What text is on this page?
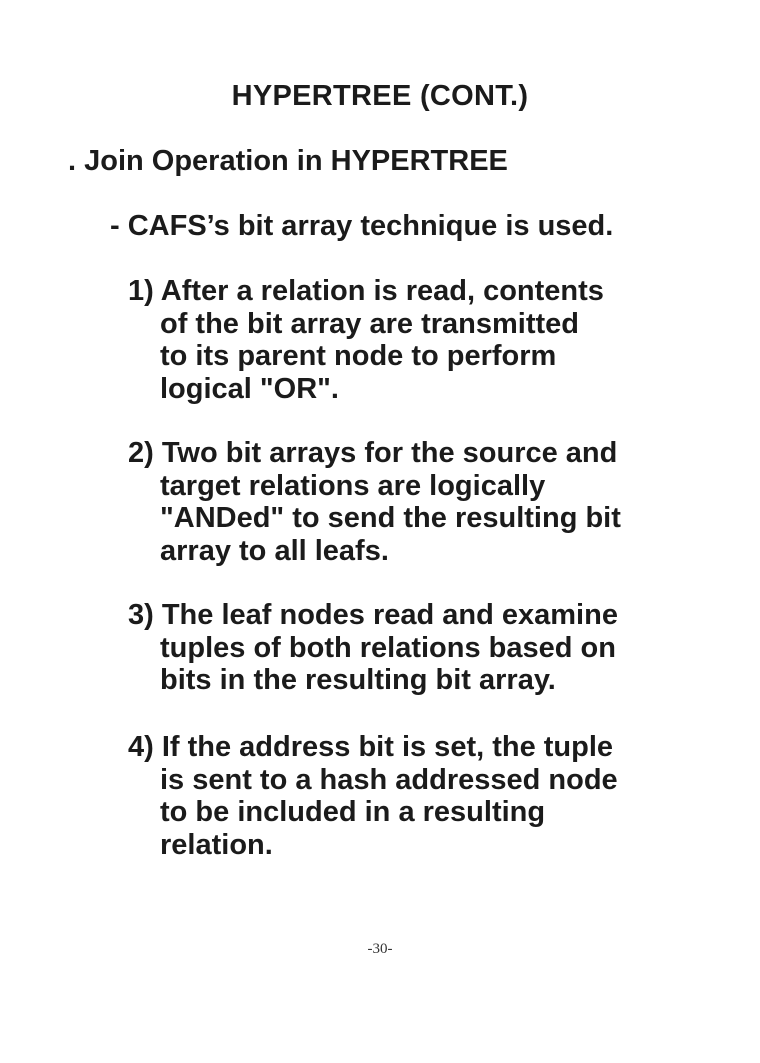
HYPERTREE (CONT.)
. Join Operation in HYPERTREE
- CAFS’s bit array technique is used.
1) After a relation is read, contents
of the bit array are transmitted
to its parent node to perform
logical "OR".
2) Two bit arrays for the source and
target relations are logically
"ANDed" to send the resulting bit
array to all leafs.
3) The leaf nodes read and examine
tuples of both relations based on
bits in the resulting bit array.
4) If the address bit is set, the tuple
is sent to a hash addressed node
to be included in a resulting
relation.
-30-
